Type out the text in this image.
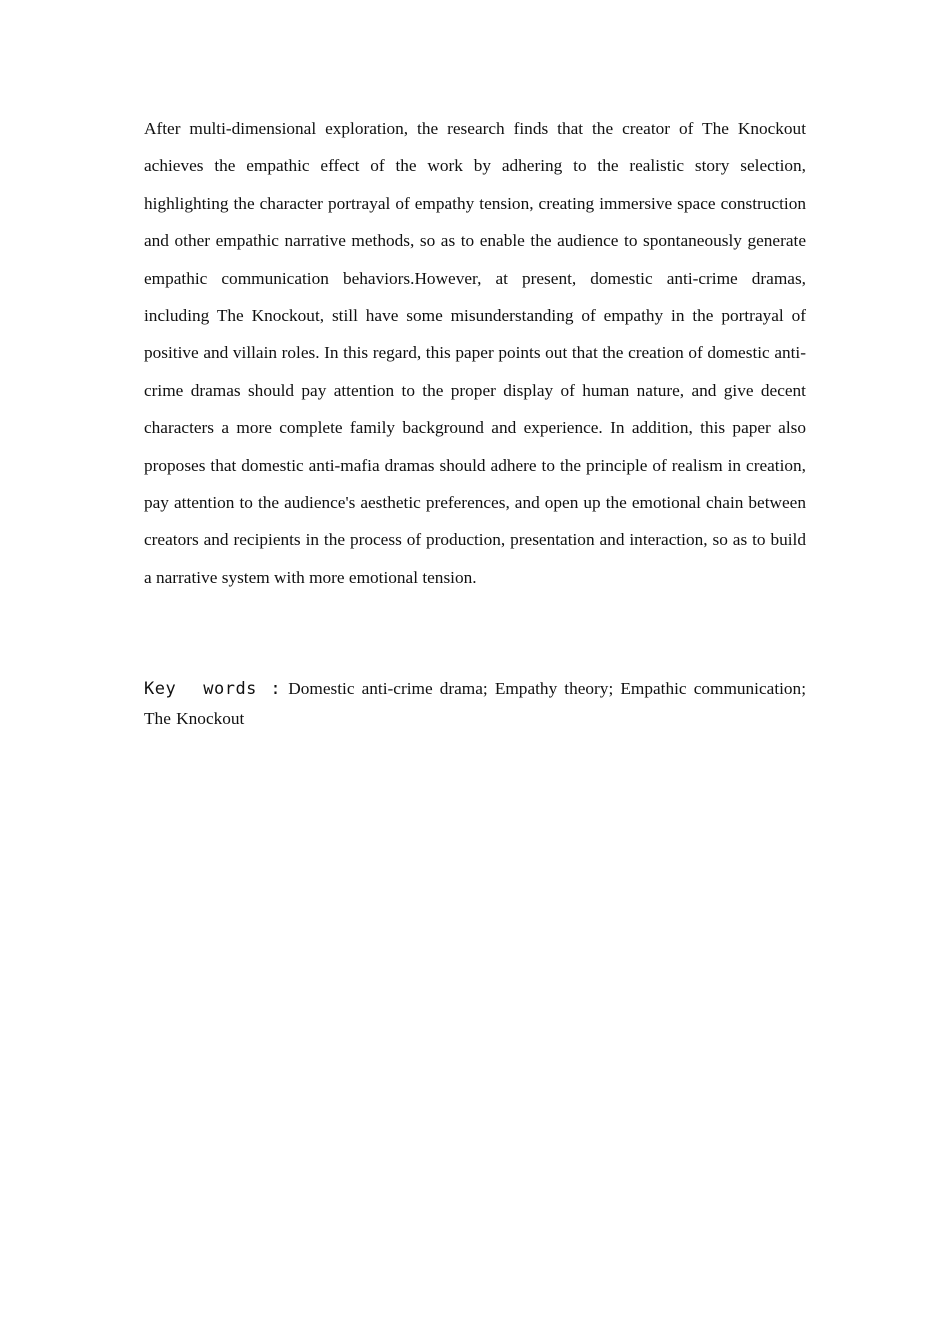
After multi-dimensional exploration, the research finds that the creator of The Knockout achieves the empathic effect of the work by adhering to the realistic story selection, highlighting the character portrayal of empathy tension, creating immersive space construction and other empathic narrative methods, so as to enable the audience to spontaneously generate empathic communication behaviors.However, at present, domestic anti-crime dramas, including The Knockout, still have some misunderstanding of empathy in the portrayal of positive and villain roles. In this regard, this paper points out that the creation of domestic anti-crime dramas should pay attention to the proper display of human nature, and give decent characters a more complete family background and experience. In addition, this paper also proposes that domestic anti-mafia dramas should adhere to the principle of realism in creation, pay attention to the audience's aesthetic preferences, and open up the emotional chain between creators and recipients in the process of production, presentation and interaction, so as to build a narrative system with more emotional tension.

Key  words : Domestic anti-crime drama; Empathy theory; Empathic communication; The Knockout
